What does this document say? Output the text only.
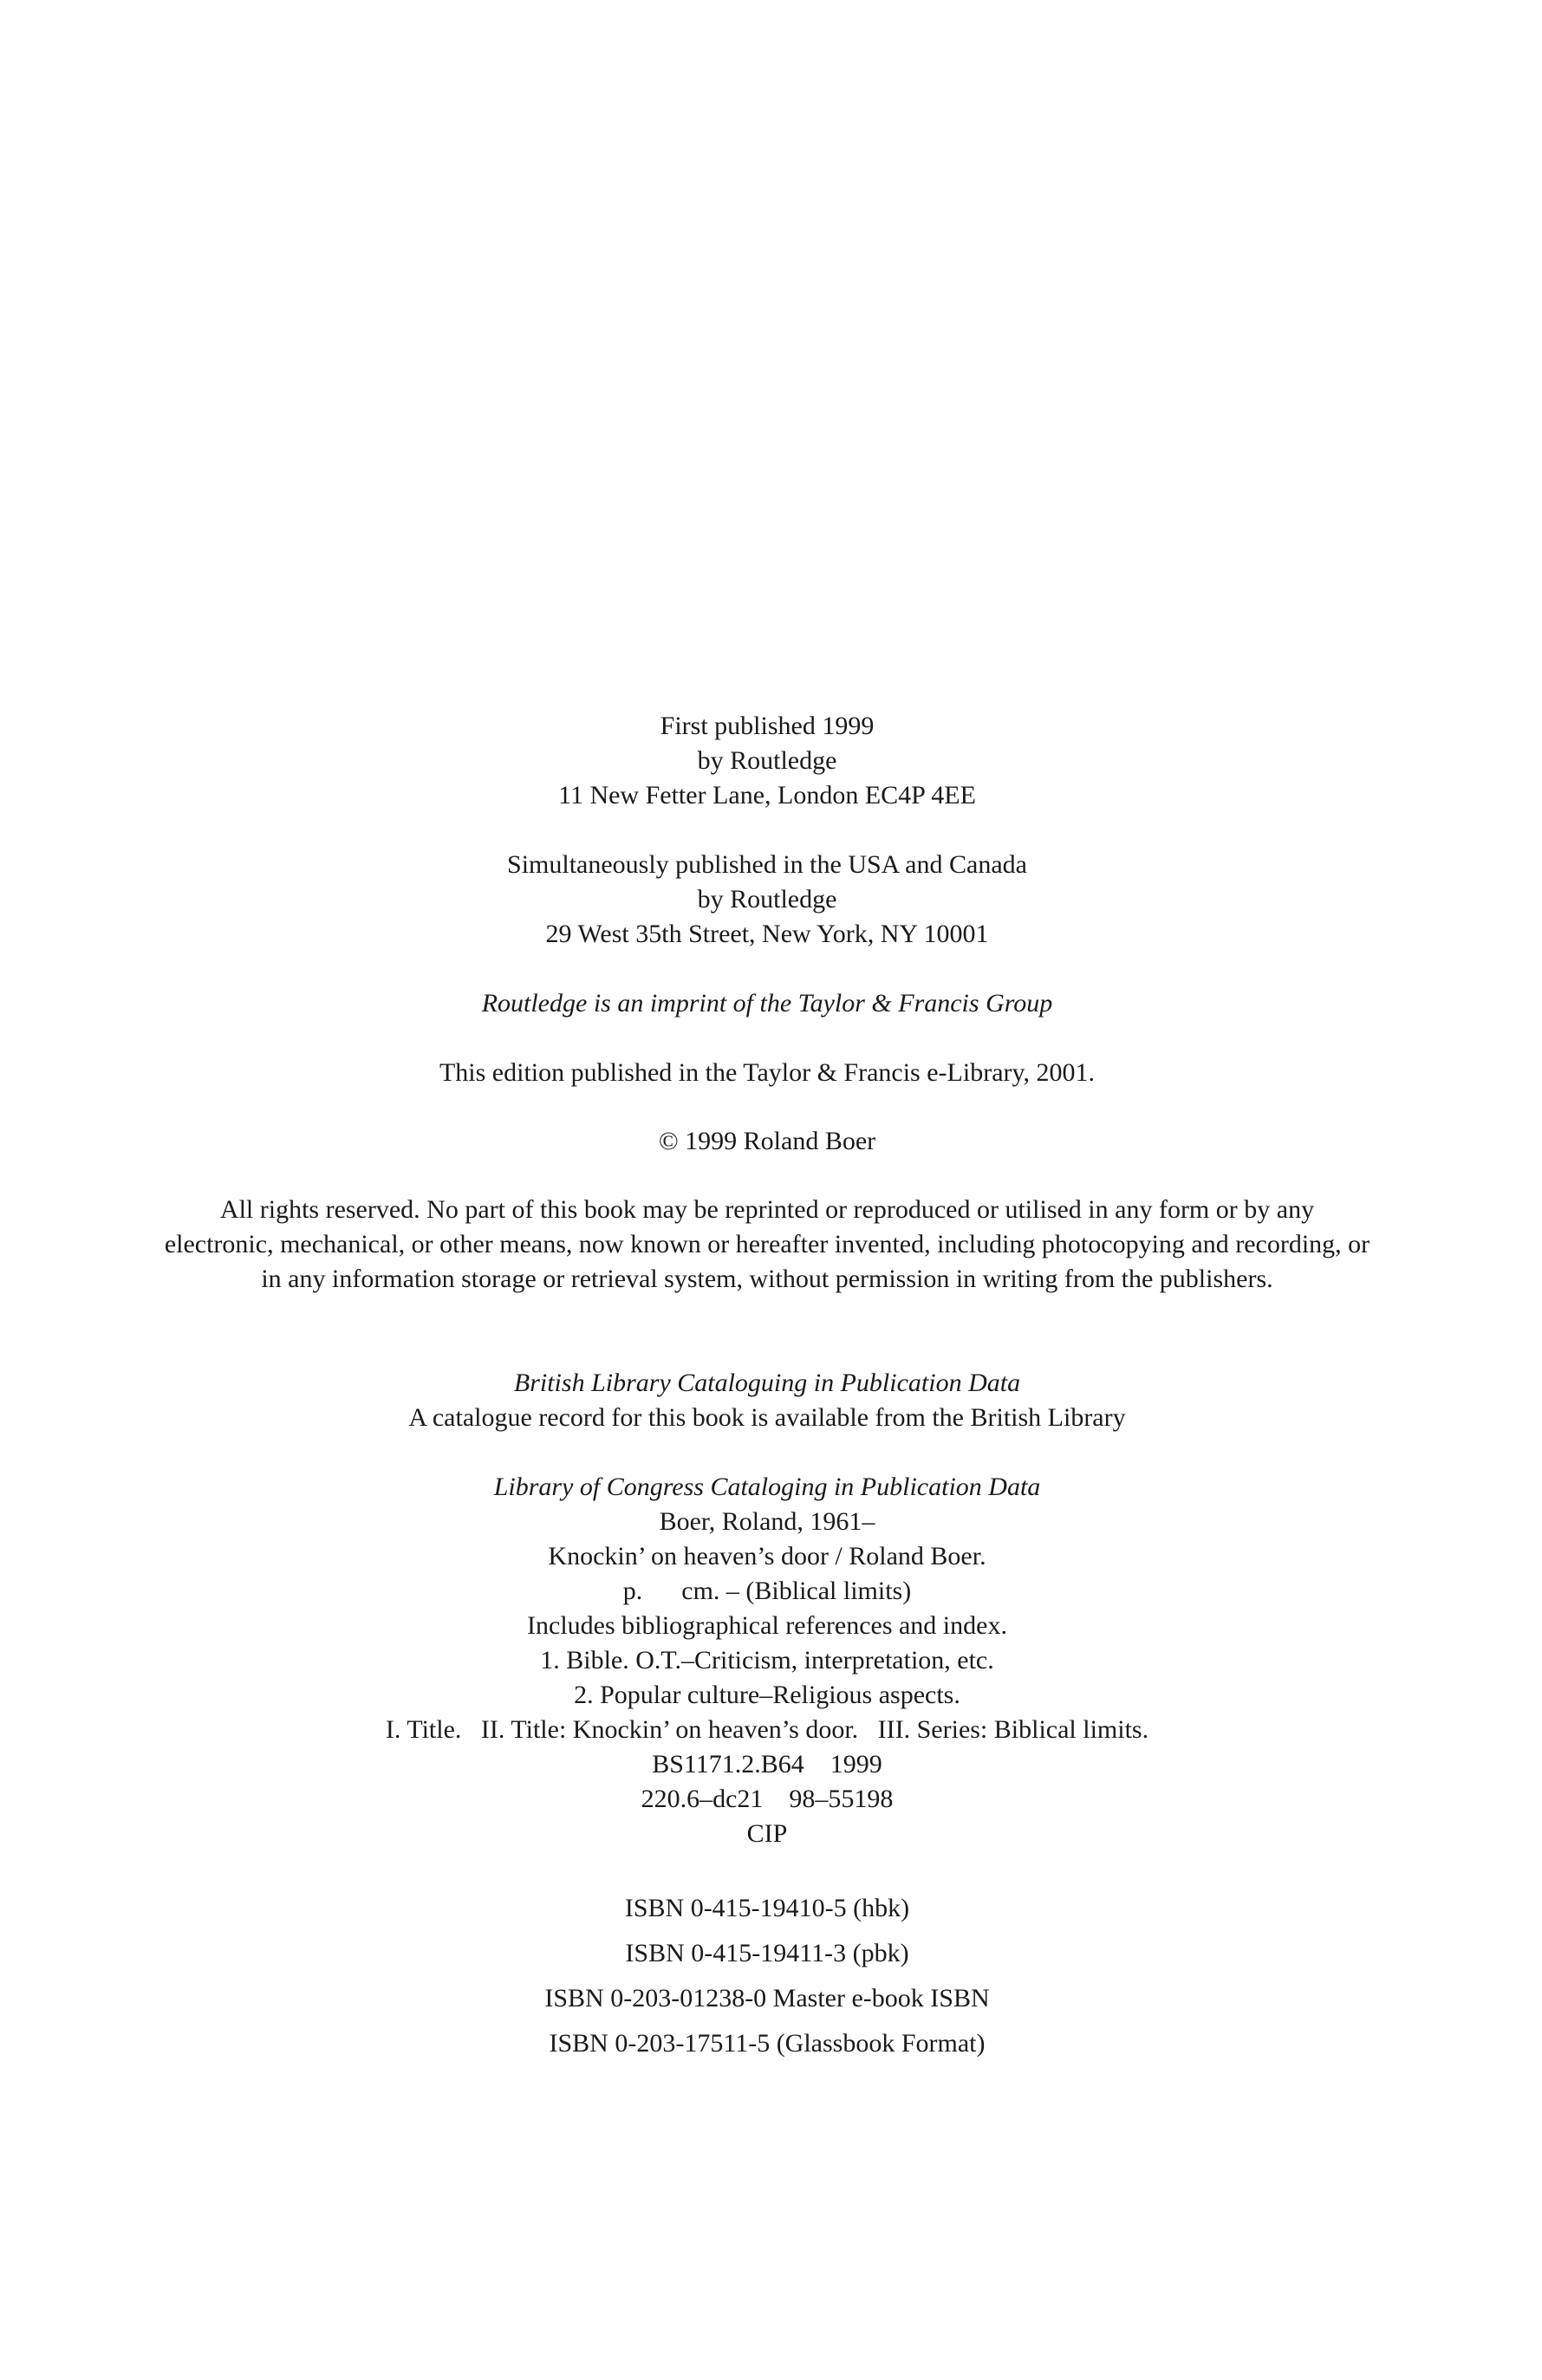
First published 1999
by Routledge
11 New Fetter Lane, London EC4P 4EE
Simultaneously published in the USA and Canada
by Routledge
29 West 35th Street, New York, NY 10001
Routledge is an imprint of the Taylor & Francis Group
This edition published in the Taylor & Francis e-Library, 2001.
© 1999 Roland Boer
All rights reserved. No part of this book may be reprinted or reproduced or utilised in any form or by any electronic, mechanical, or other means, now known or hereafter invented, including photocopying and recording, or in any information storage or retrieval system, without permission in writing from the publishers.
British Library Cataloguing in Publication Data
A catalogue record for this book is available from the British Library
Library of Congress Cataloging in Publication Data
Boer, Roland, 1961–
Knockin’ on heaven’s door / Roland Boer.
p.      cm. – (Biblical limits)
Includes bibliographical references and index.
1. Bible. O.T.–Criticism, interpretation, etc.
2. Popular culture–Religious aspects.
I. Title.   II. Title: Knockin’ on heaven’s door.   III. Series: Biblical limits.
BS1171.2.B64    1999
220.6–dc21    98–55198
CIP
ISBN 0-415-19410-5 (hbk)
ISBN 0-415-19411-3 (pbk)
ISBN 0-203-01238-0 Master e-book ISBN
ISBN 0-203-17511-5 (Glassbook Format)
